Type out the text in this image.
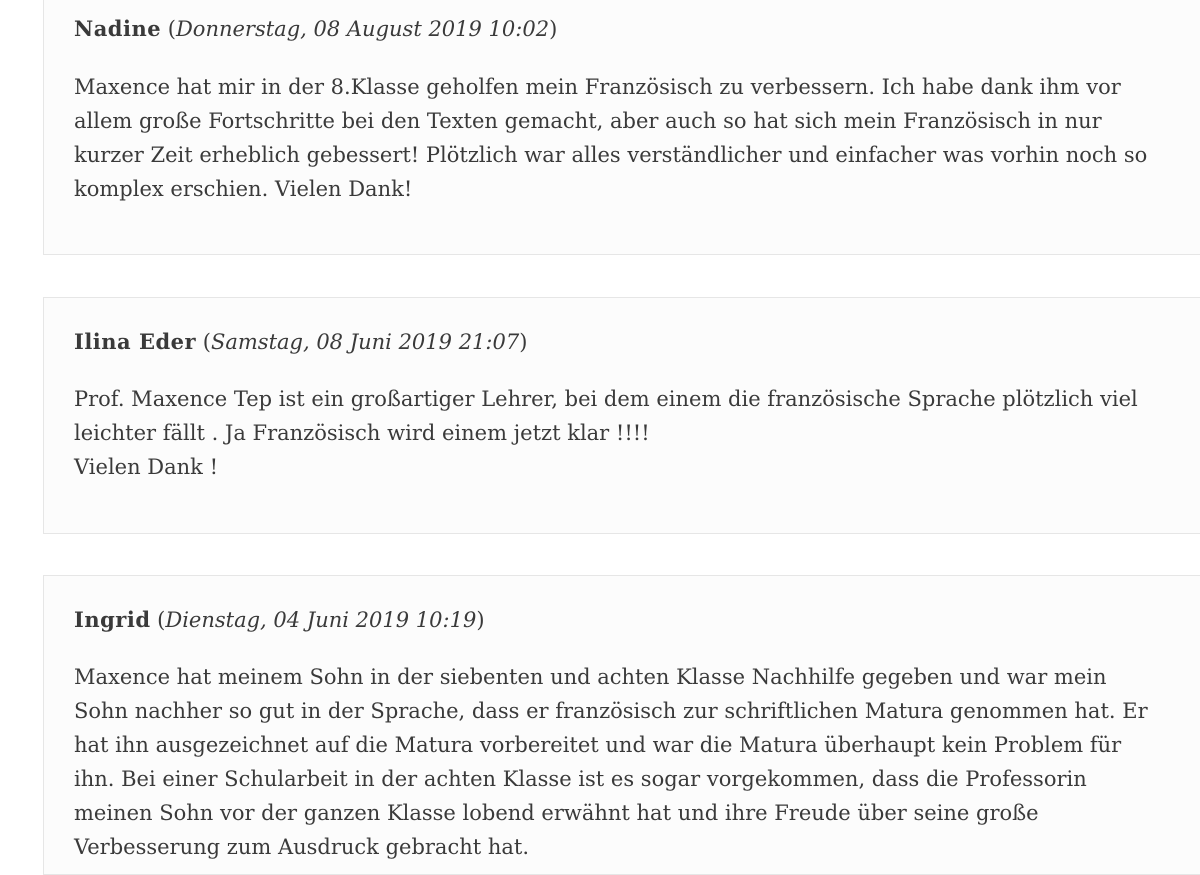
Nadine (Donnerstag, 08 August 2019 10:02)
Maxence hat mir in der 8.Klasse geholfen mein Französisch zu verbessern. Ich habe dank ihm vor allem große Fortschritte bei den Texten gemacht, aber auch so hat sich mein Französisch in nur kurzer Zeit erheblich gebessert! Plötzlich war alles verständlicher und einfacher was vorhin noch so komplex erschien. Vielen Dank!
Ilina Eder (Samstag, 08 Juni 2019 21:07)
Prof. Maxence Tep ist ein großartiger Lehrer, bei dem einem die französische Sprache plötzlich viel leichter fällt . Ja Französisch wird einem jetzt klar !!!!
Vielen Dank !
Ingrid (Dienstag, 04 Juni 2019 10:19)
Maxence hat meinem Sohn in der siebenten und achten Klasse Nachhilfe gegeben und war mein Sohn nachher so gut in der Sprache, dass er französisch zur schriftlichen Matura genommen hat. Er hat ihn ausgezeichnet auf die Matura vorbereitet und war die Matura überhaupt kein Problem für ihn. Bei einer Schularbeit in der achten Klasse ist es sogar vorgekommen, dass die Professorin meinen Sohn vor der ganzen Klasse lobend erwähnt hat und ihre Freude über seine große Verbesserung zum Ausdruck gebracht hat.
